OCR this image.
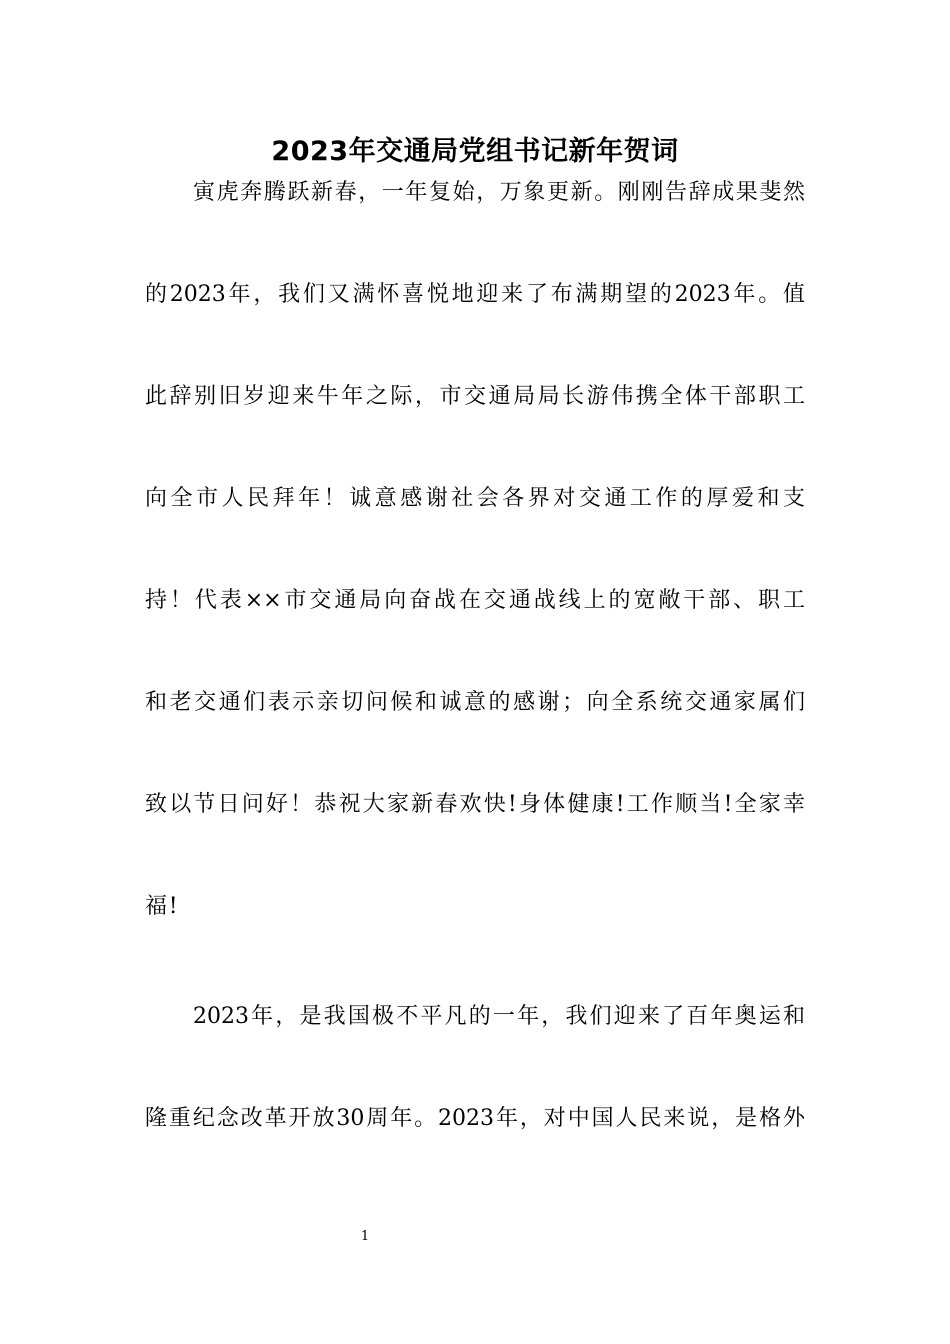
2023年交通局党组书记新年贺词
寅虎奔腾跃新春，一年复始，万象更新。刚刚告辞成果斐然
的2023年，我们又满怀喜悦地迎来了布满期望的2023年。值
此辞别旧岁迎来牛年之际，市交通局局长游伟携全体干部职工
向全市人民拜年！诚意感谢社会各界对交通工作的厚爱和支
持！代表××市交通局向奋战在交通战线上的宽敞干部、职工
和老交通们表示亲切问候和诚意的感谢；向全系统交通家属们
致以节日问好！恭祝大家新春欢快!身体健康!工作顺当!全家幸
福!
2023年，是我国极不平凡的一年，我们迎来了百年奥运和
隆重纪念改革开放30周年。2023年，对中国人民来说，是格外
1
